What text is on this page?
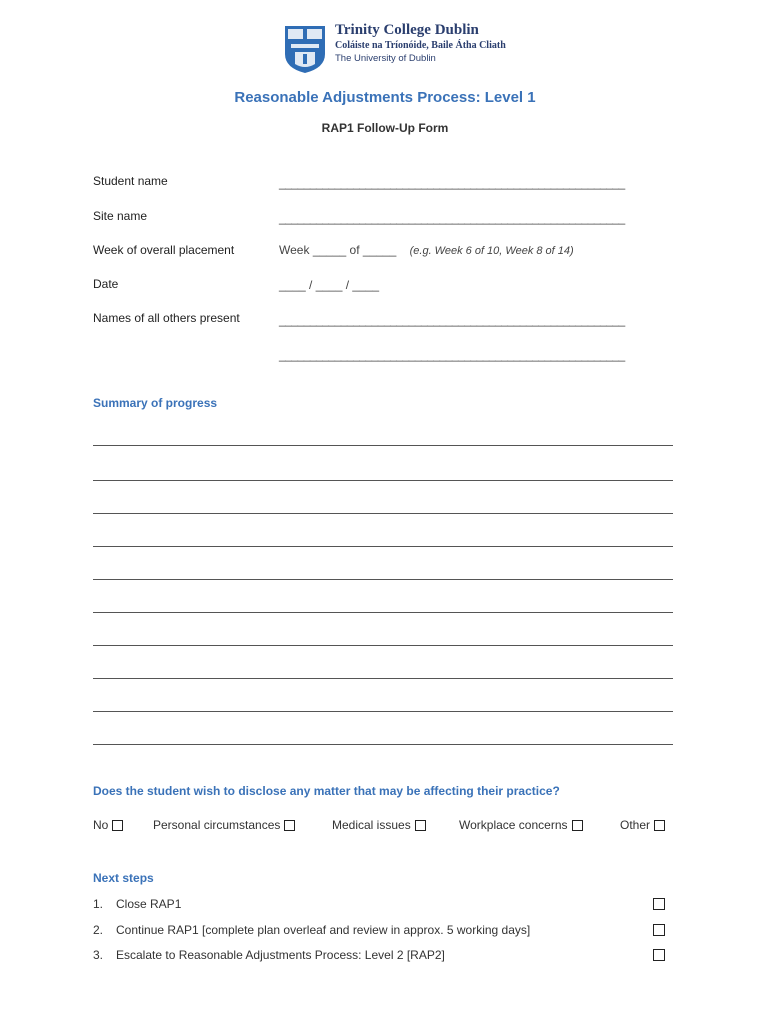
Trinity College Dublin
Coláiste na Tríonóide, Baile Átha Cliath
The University of Dublin
Reasonable Adjustments Process: Level 1
RAP1 Follow-Up Form
Student name	________________________________________________________
Site name	________________________________________________________
Week of overall placement	Week _____ of _____ (e.g. Week 6 of 10, Week 8 of 14)
Date	____ / ____ / ____
Names of all others present	________________________________________________________
________________________________________________________
Summary of progress
Does the student wish to disclose any matter that may be affecting their practice?
No	Personal circumstances	Medical issues	Workplace concerns	Other
Next steps
1. Close RAP1
2. Continue RAP1 [complete plan overleaf and review in approx. 5 working days]
3. Escalate to Reasonable Adjustments Process: Level 2 [RAP2]
